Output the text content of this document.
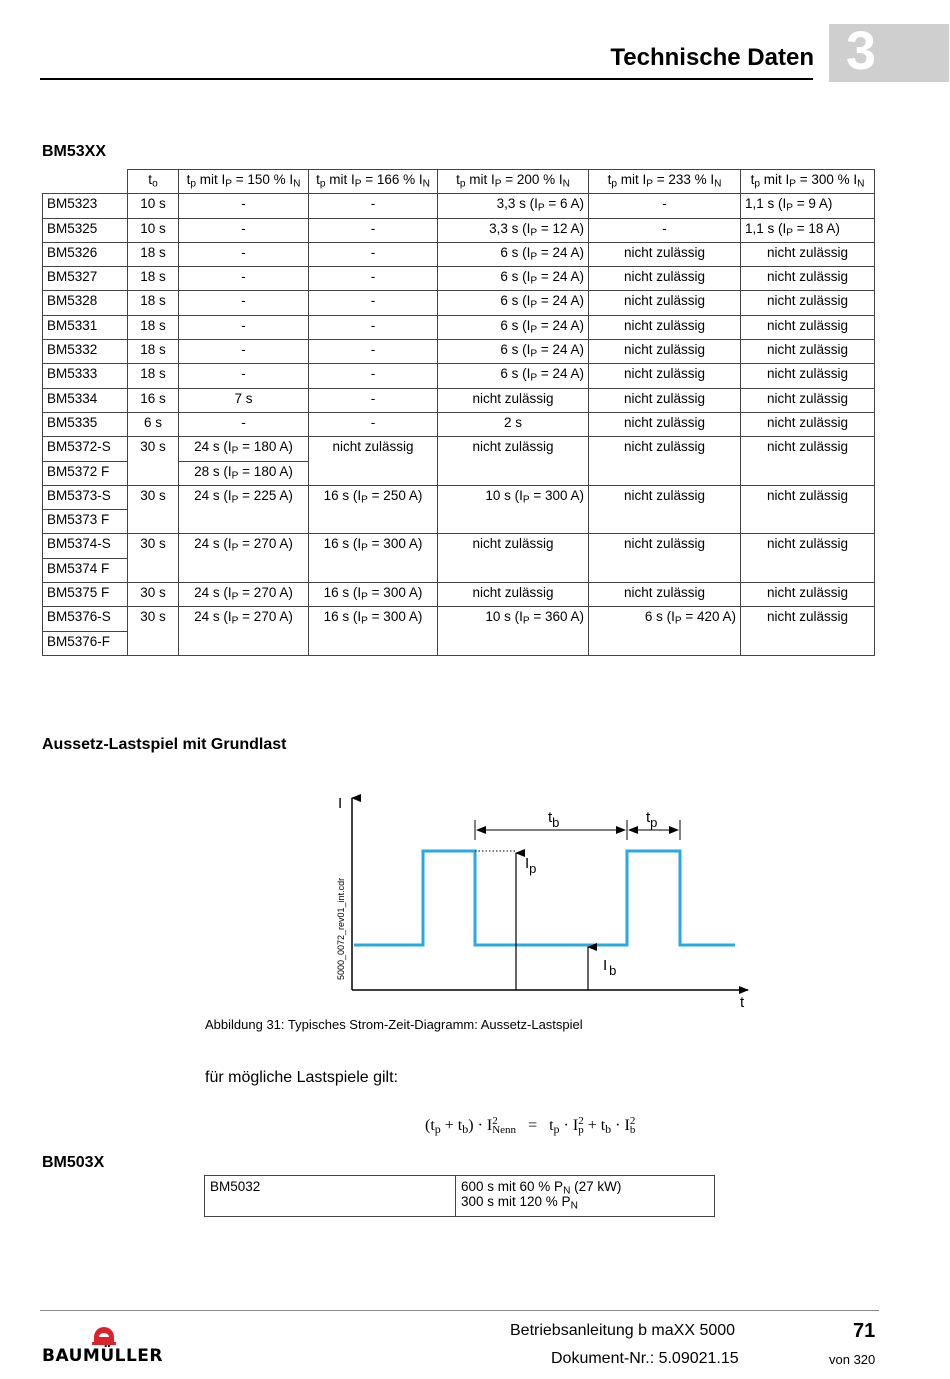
Technische Daten 3
BM53XX
	$t_o$	$t_p$ mit $I_P = 150$ % $I_N$	$t_p$ mit $I_P = 166$ % $I_N$	$t_p$ mit $I_P = 200$ % $I_N$	$t_p$ mit $I_P = 233$ % $I_N$	$t_p$ mit $I_P = 300$ % $I_N$
BM5323	10 s	-	-	3,3 s ($I_P = 6$ A)	-	1,1 s ($I_P = 9$ A)
BM5325	10 s	-	-	3,3 s ($I_P = 12$ A)	-	1,1 s ($I_P = 18$ A)
BM5326	18 s	-	-	6 s ($I_P = 24$ A)	nicht zulässig	nicht zulässig
BM5327	18 s	-	-	6 s ($I_P = 24$ A)	nicht zulässig	nicht zulässig
BM5328	18 s	-	-	6 s ($I_P = 24$ A)	nicht zulässig	nicht zulässig
BM5331	18 s	-	-	6 s ($I_P = 24$ A)	nicht zulässig	nicht zulässig
BM5332	18 s	-	-	6 s ($I_P = 24$ A)	nicht zulässig	nicht zulässig
BM5333	18 s	-	-	6 s ($I_P = 24$ A)	nicht zulässig	nicht zulässig
BM5334	16 s	7 s	-	nicht zulässig	nicht zulässig	nicht zulässig
BM5335	6 s	-	-	2 s	nicht zulässig	nicht zulässig
BM5372-S	30 s	24 s ($I_P = 180$ A)	nicht zulässig	nicht zulässig	nicht zulässig	nicht zulässig
BM5372 F		28 s ($I_P = 180$ A)				
BM5373-S	30 s	24 s ($I_P = 225$ A)	16 s ($I_P = 250$ A)	10 s ($I_P = 300$ A)	nicht zulässig	nicht zulässig
BM5373 F						
BM5374-S	30 s	24 s ($I_P = 270$ A)	16 s ($I_P = 300$ A)	nicht zulässig	nicht zulässig	nicht zulässig
BM5374 F						
BM5375 F	30 s	24 s ($I_P = 270$ A)	16 s ($I_P = 300$ A)	nicht zulässig	nicht zulässig	nicht zulässig
BM5376-S	30 s	24 s ($I_P = 270$ A)	16 s ($I_P = 300$ A)	10 s ($I_P = 360$ A)	6 s ($I_P = 420$ A)	nicht zulässig
BM5376-F						
Aussetz-Lastspiel mit Grundlast
I
t
5000_0072_rev01_int.cdr
Ip
I b
tb	tp
Abbildung 31: Typisches Strom-Zeit-Diagramm: Aussetz-Lastspiel
für mögliche Lastspiele gilt:
$(t_p + t_b) \cdot I$ 2
Nenn = $t_p \cdot I$ 2
$p + t_b \cdot I$ 2
b
BM503X
BM5032	600 s mit 60 % $P_N$ (27 kW)
300 s mit 120 % $P_N$
BAUMÜLLER
Betriebsanleitung b maXX 5000	71
Dokument-Nr.: 5.09021.15	von 320
